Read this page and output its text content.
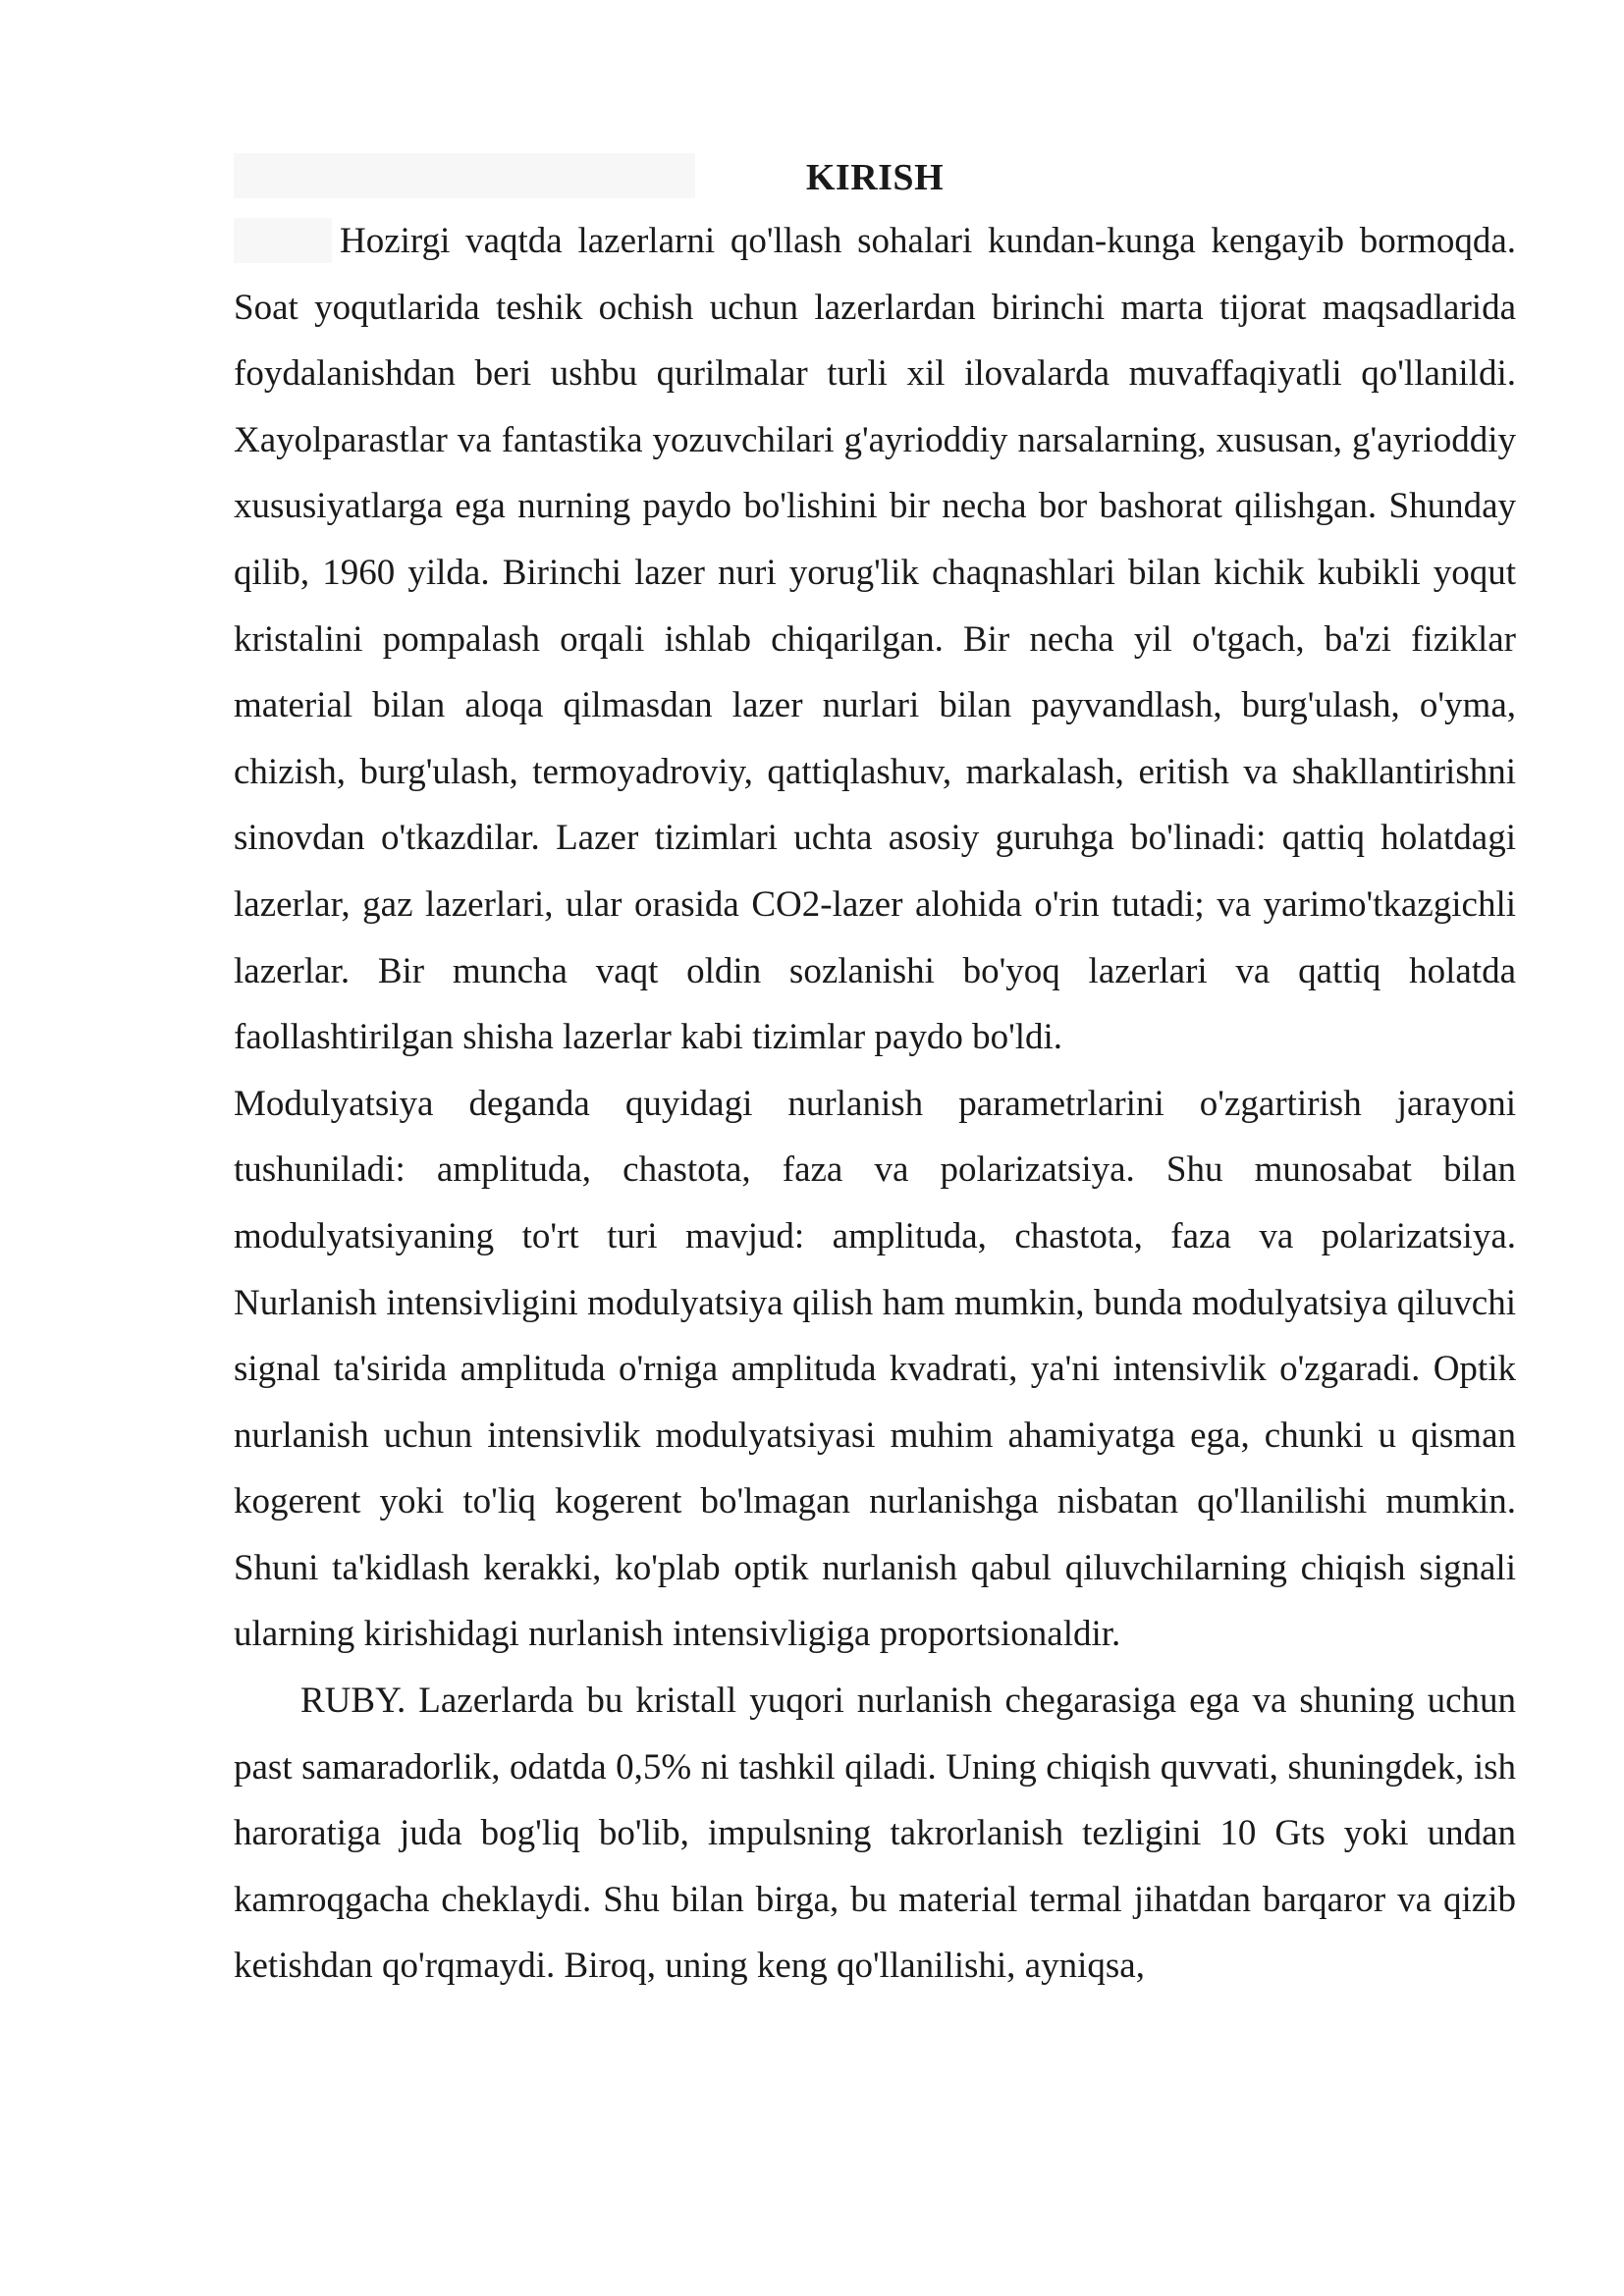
KIRISH

Hozirgi vaqtda lazerlarni qo'llash sohalari kundan-kunga kengayib bormoqda. Soat yoqutlarida teshik ochish uchun lazerlardan birinchi marta tijorat maqsadlarida foydalanishdan beri ushbu qurilmalar turli xil ilovalarda muvaffaqiyatli qo'llanildi. Xayolparastlar va fantastika yozuvchilari g'ayrioddiy narsalarning, xususan, g'ayrioddiy xususiyatlarga ega nurning paydo bo'lishini bir necha bor bashorat qilishgan. Shunday qilib, 1960 yilda. Birinchi lazer nuri yorug'lik chaqnashlari bilan kichik kubikli yoqut kristalini pompalash orqali ishlab chiqarilgan. Bir necha yil o'tgach, ba'zi fiziklar material bilan aloqa qilmasdan lazer nurlari bilan payvandlash, burg'ulash, o'yma, chizish, burg'ulash, termoyadroviy, qattiqlashuv, markalash, eritish va shakllantirishni sinovdan o'tkazdilar. Lazer tizimlari uchta asosiy guruhga bo'linadi: qattiq holatdagi lazerlar, gaz lazerlari, ular orasida CO2-lazer alohida o'rin tutadi; va yarimo'tkazgichli lazerlar. Bir muncha vaqt oldin sozlanishi bo'yoq lazerlari va qattiq holatda faollashtirilgan shisha lazerlar kabi tizimlar paydo bo'ldi.

Modulyatsiya deganda quyidagi nurlanish parametrlarini o'zgartirish jarayoni tushuniladi: amplituda, chastota, faza va polarizatsiya. Shu munosabat bilan modulyatsiyaning to'rt turi mavjud: amplituda, chastota, faza va polarizatsiya. Nurlanish intensivligini modulyatsiya qilish ham mumkin, bunda modulyatsiya qiluvchi signal ta'sirida amplituda o'rniga amplituda kvadrati, ya'ni intensivlik o'zgaradi. Optik nurlanish uchun intensivlik modulyatsiyasi muhim ahamiyatga ega, chunki u qisman kogerent yoki to'liq kogerent bo'lmagan nurlanishga nisbatan qo'llanilishi mumkin. Shuni ta'kidlash kerakki, ko'plab optik nurlanish qabul qiluvchilarning chiqish signali ularning kirishidagi nurlanish intensivligiga proportsionaldir.

RUBY. Lazerlarda bu kristall yuqori nurlanish chegarasiga ega va shuning uchun past samaradorlik, odatda 0,5% ni tashkil qiladi. Uning chiqish quvvati, shuningdek, ish haroratiga juda bog'liq bo'lib, impulsning takrorlanish tezligini 10 Gts yoki undan kamroqgacha cheklaydi. Shu bilan birga, bu material termal jihatdan barqaror va qizib ketishdan qo'rqmaydi. Biroq, uning keng qo'llanilishi, ayniqsa,
